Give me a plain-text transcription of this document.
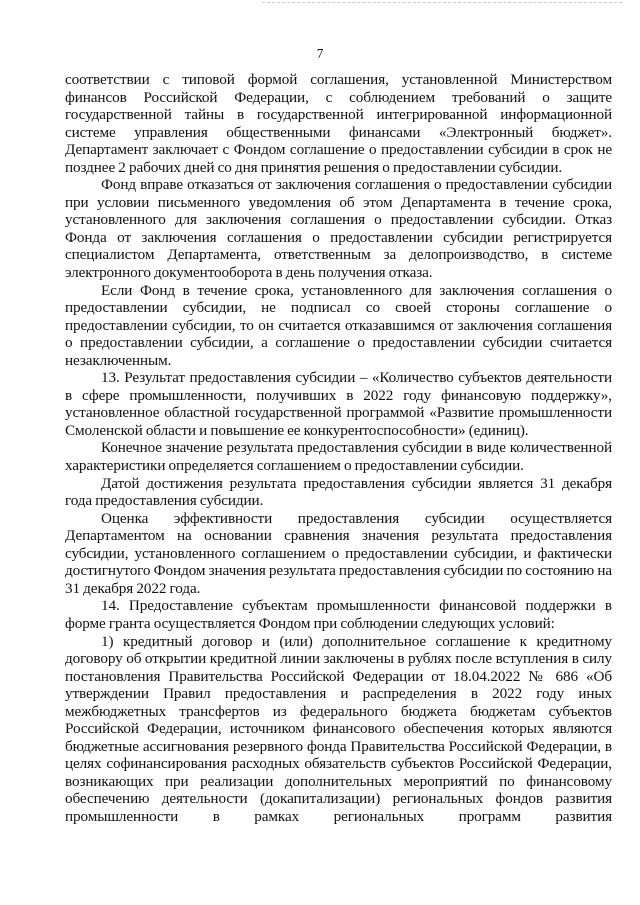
7

соответствии с типовой формой соглашения, установленной Министерством финансов Российской Федерации, с соблюдением требований о защите государственной тайны в государственной интегрированной информационной системе управления общественными финансами «Электронный бюджет». Департамент заключает с Фондом соглашение о предоставлении субсидии в срок не позднее 2 рабочих дней со дня принятия решения о предоставлении субсидии.

Фонд вправе отказаться от заключения соглашения о предоставлении субсидии при условии письменного уведомления об этом Департамента в течение срока, установленного для заключения соглашения о предоставлении субсидии. Отказ Фонда от заключения соглашения о предоставлении субсидии регистрируется специалистом Департамента, ответственным за делопроизводство, в системе электронного документооборота в день получения отказа.

Если Фонд в течение срока, установленного для заключения соглашения о предоставлении субсидии, не подписал со своей стороны соглашение о предоставлении субсидии, то он считается отказавшимся от заключения соглашения о предоставлении субсидии, а соглашение о предоставлении субсидии считается незаключенным.

13. Результат предоставления субсидии – «Количество субъектов деятельности в сфере промышленности, получивших в 2022 году финансовую поддержку», установленное областной государственной программой «Развитие промышленности Смоленской области и повышение ее конкурентоспособности» (единиц).

Конечное значение результата предоставления субсидии в виде количественной характеристики определяется соглашением о предоставлении субсидии.

Датой достижения результата предоставления субсидии является 31 декабря года предоставления субсидии.

Оценка эффективности предоставления субсидии осуществляется Департаментом на основании сравнения значения результата предоставления субсидии, установленного соглашением о предоставлении субсидии, и фактически достигнутого Фондом значения результата предоставления субсидии по состоянию на 31 декабря 2022 года.

14. Предоставление субъектам промышленности финансовой поддержки в форме гранта осуществляется Фондом при соблюдении следующих условий:

1) кредитный договор и (или) дополнительное соглашение к кредитному договору об открытии кредитной линии заключены в рублях после вступления в силу постановления Правительства Российской Федерации от 18.04.2022 № 686 «Об утверждении Правил предоставления и распределения в 2022 году иных межбюджетных трансфертов из федерального бюджета бюджетам субъектов Российской Федерации, источником финансового обеспечения которых являются бюджетные ассигнования резервного фонда Правительства Российской Федерации, в целях софинансирования расходных обязательств субъектов Российской Федерации, возникающих при реализации дополнительных мероприятий по финансовому обеспечению деятельности (докапитализации) региональных фондов развития промышленности в рамках региональных программ развития
